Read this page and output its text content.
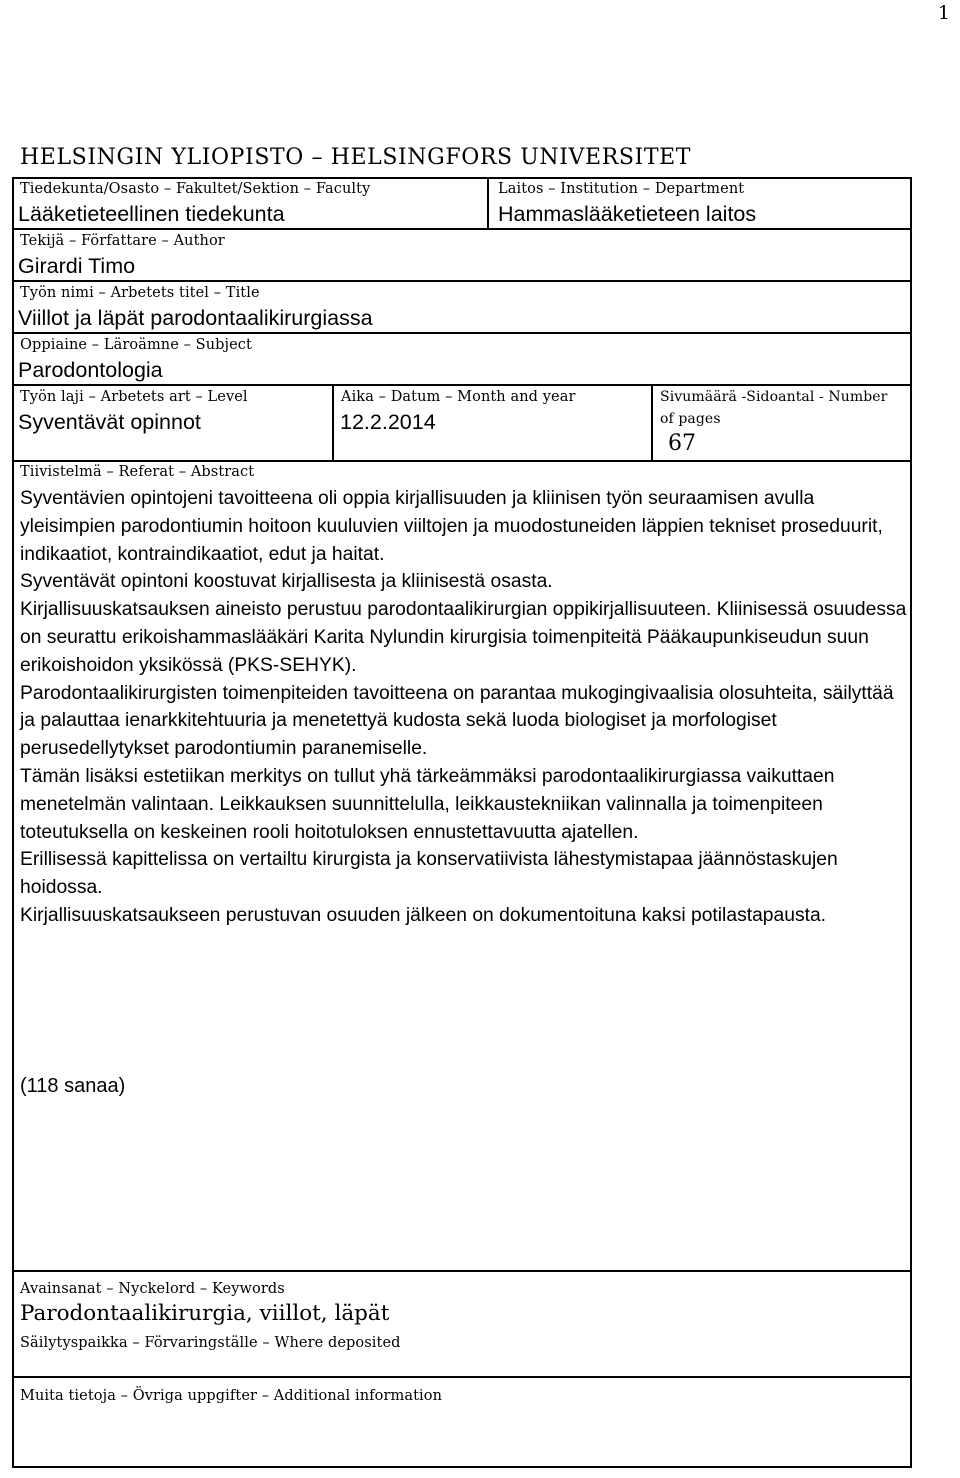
1
HELSINGIN YLIOPISTO – HELSINGFORS UNIVERSITET
Tiedekunta/Osasto – Fakultet/Sektion – Faculty
Lääketieteellinen tiedekunta
Laitos – Institution – Department
Hammaslääketieteen laitos
Tekijä – Författare – Author
Girardi Timo
Työn nimi – Arbetets titel – Title
Viillot ja läpät parodontaalikirurgiassa
Oppiaine – Läroämne – Subject
Parodontologia
Työn laji – Arbetets art – Level
Syventävät opinnot
Aika – Datum – Month and year
12.2.2014
Sivumäärä -Sidoantal - Number
of pages
67
Tiivistelmä – Referat – Abstract

Syventävien opintojeni tavoitteena oli oppia kirjallisuuden ja kliinisen työn seuraamisen avulla yleisimpien parodontiumin hoitoon kuuluvien viiltojen ja muodostuneiden läppien tekniset proseduurit, indikaatiot, kontraindikaatiot, edut ja haitat.

Syventävät opintoni koostuvat kirjallisesta ja kliinisestä osasta.

Kirjallisuuskatsauksen aineisto perustuu parodontaalikirurgian oppikirjallisuuteen. Kliinisessä osuudessa on seurattu erikoishammaslääkäri Karita Nylundin kirurgisia toimenpiteitä Pääkaupunkiseudun suun erikoishoidon yksikössä (PKS-SEHYK).

Parodontaalikirurgisten toimenpiteiden tavoitteena on parantaa mukogingivaalisia olosuhteita, säilyttää ja palauttaa ienarkkitehtuuria ja menetettyä kudosta sekä luoda biologiset ja morfologiset perusedellytykset parodontiumin paranemiselle.

Tämän lisäksi estetiikan merkitys on tullut yhä tärkeämmäksi parodontaalikirurgiassa vaikuttaen menetelmän valintaan. Leikkauksen suunnittelulla, leikkaustekniikan valinnalla ja toimenpiteen toteutuksella on keskeinen rooli hoitotuloksen ennustettavuutta ajatellen.

Erillisessä kapittelissa on vertailtu kirurgista ja konservatiivista lähestymistapaa jäännöstaskujen hoidossa.

Kirjallisuuskatsaukseen perustuvan osuuden jälkeen on dokumentoituna kaksi potilastapausta.

(118 sanaa)
Avainsanat – Nyckelord – Keywords
Parodontaalikirurgia, viillot, läpät
Säilytyspaikka – Förvaringställe – Where deposited
Muita tietoja – Övriga uppgifter – Additional information
